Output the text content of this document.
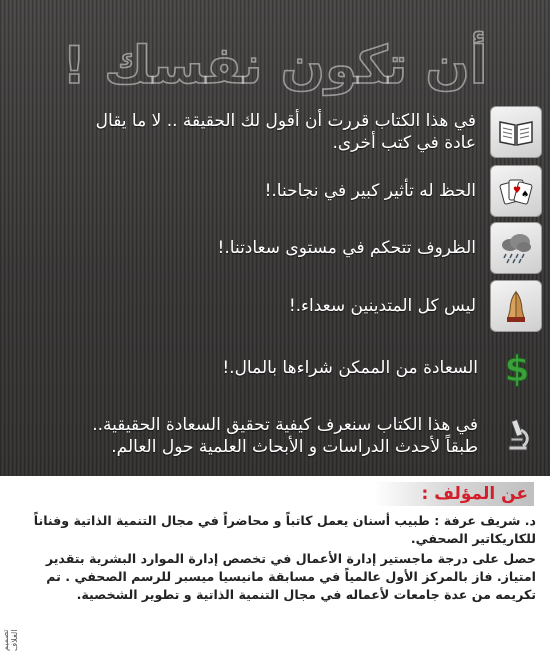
أن تكون نفسك !
في هذا الكتاب قررت أن أقول لك الحقيقة .. لا ما يقال عادة في كتب أخرى.
♥ ♠
الحظ له تأثير كبير في نجاحنا.!
الظروف تتحكم في مستوى سعادتنا.!
ليس كل المتدينين سعداء.!
$
السعادة من الممكن شراءها بالمال.!
في هذا الكتاب سنعرف كيفية تحقيق السعادة الحقيقية.. طبقاً لأحدث الدراسات و الأبحاث العلمية حول العالم.
عن المؤلف :

د. شريف عرفة : طبيب أسنان يعمل كاتباً و محاضراً في مجال التنمية الذاتية وفناناً للكاريكاتير الصحفي.

حصل على درجة ماجستير إدارة الأعمال في تخصص إدارة الموارد البشرية بتقدير امتياز. فاز بالمركز الأول عالمياً في مسابقة مانيسيا ميسبر للرسم الصحفي . تم تكريمه من عدة جامعات لأعماله في مجال التنمية الذاتية و تطوير الشخصية.

تصميم الغلاف
